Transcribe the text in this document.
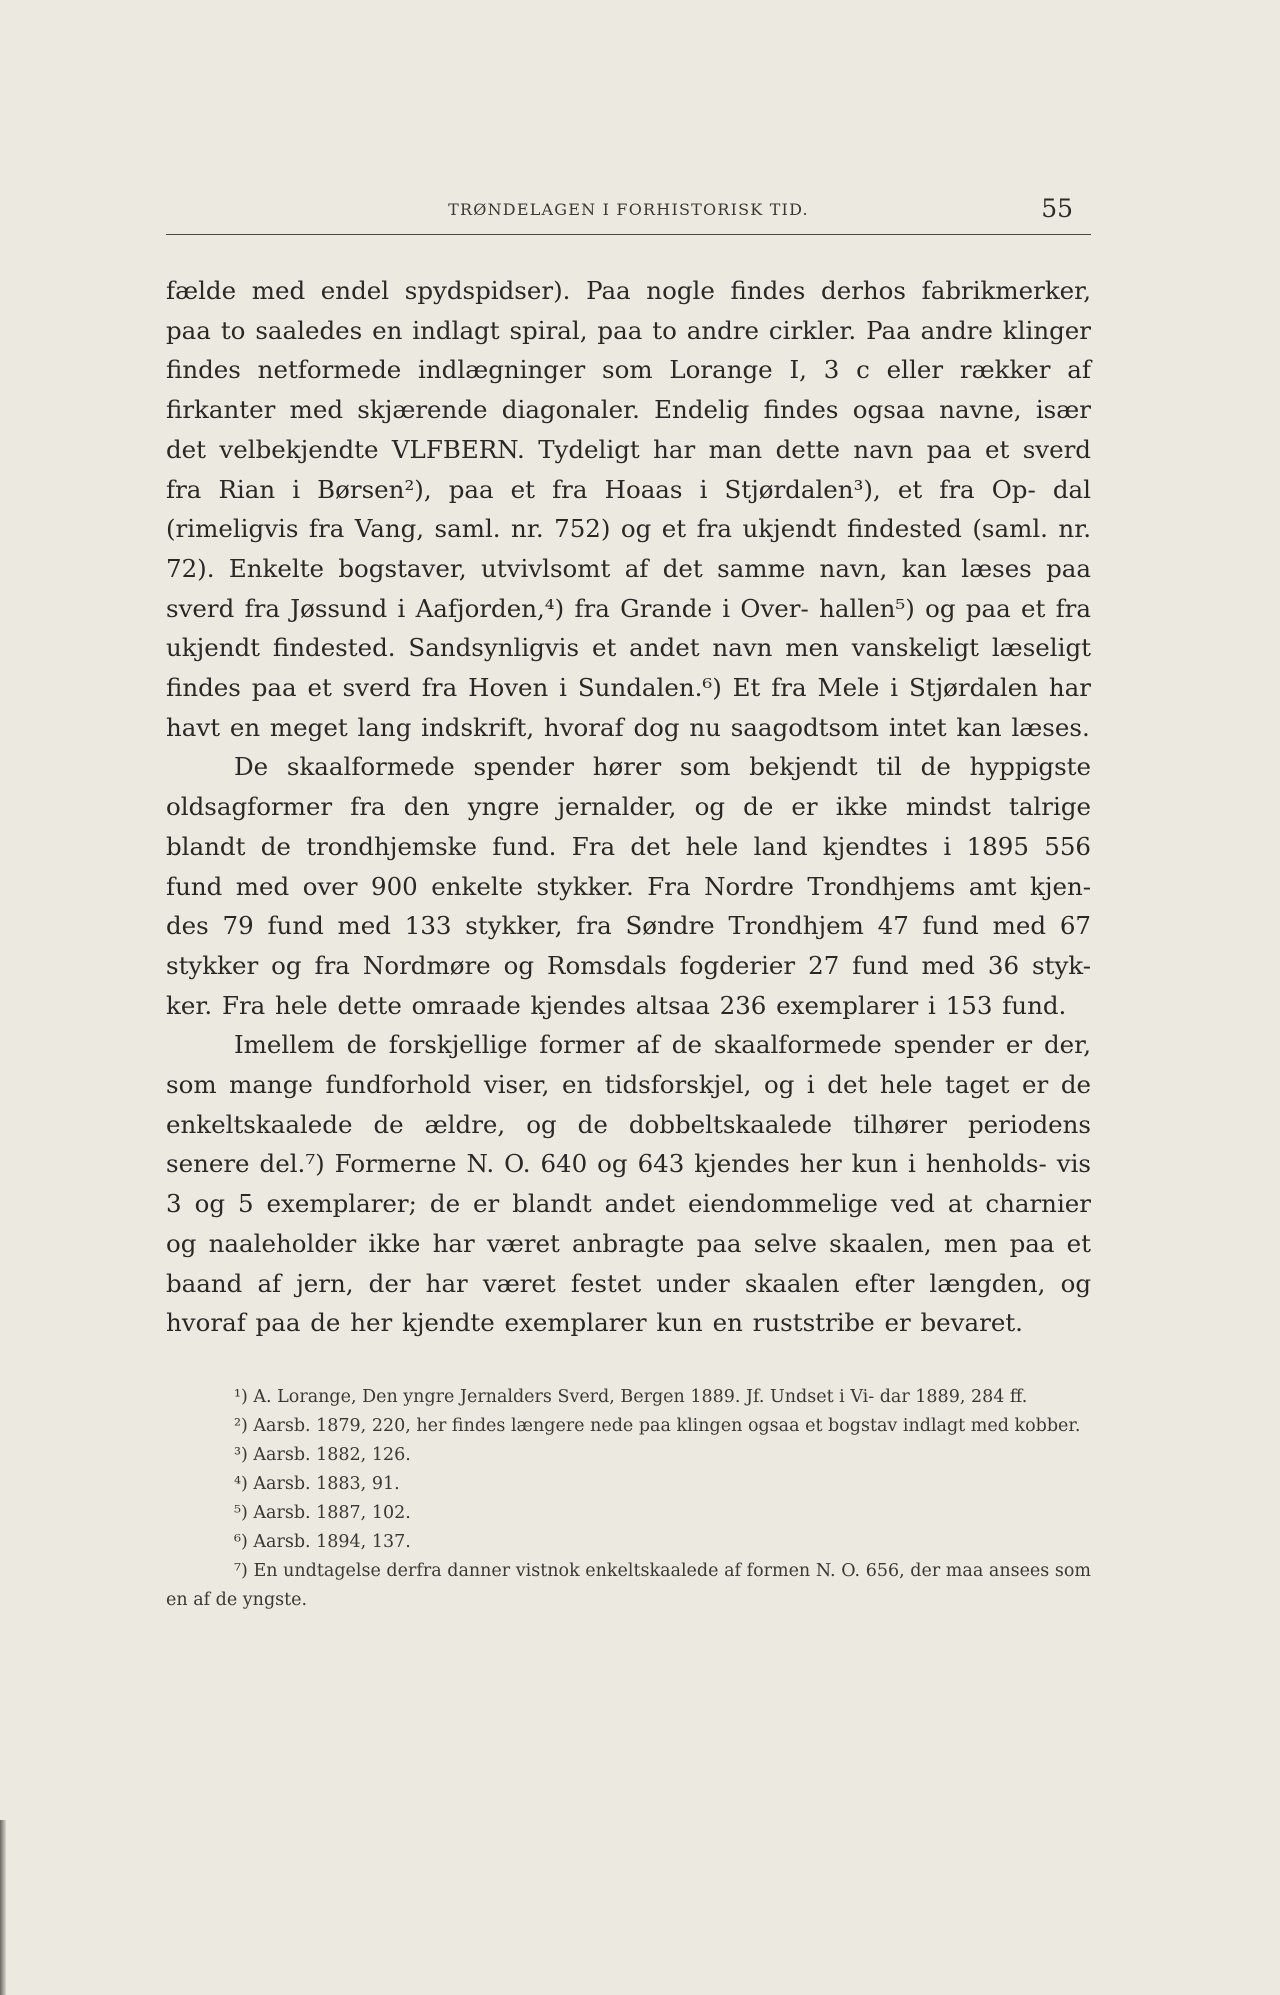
TRØNDELAGEN I FORHISTORISK TID.	55

fælde med endel spydspidser). Paa nogle findes derhos fabrikmerker, paa to saaledes en indlagt spiral, paa to andre cirkler. Paa andre klinger findes netformede indlægninger som Lorange I, 3 c eller rækker af firkanter med skjærende diagonaler. Endelig findes ogsaa navne, især det velbekjendte VLFBERN. Tydeligt har man dette navn paa et sverd fra Rian i Børsen²), paa et fra Hoaas i Stjørdalen³), et fra Op- dal (rimeligvis fra Vang, saml. nr. 752) og et fra ukjendt findested (saml. nr. 72). Enkelte bogstaver, utvivlsomt af det samme navn, kan læses paa sverd fra Jøssund i Aafjorden,⁴) fra Grande i Over- hallen⁵) og paa et fra ukjendt findested. Sandsynligvis et andet navn men vanskeligt læseligt findes paa et sverd fra Hoven i Sundalen.⁶) Et fra Mele i Stjørdalen har havt en meget lang indskrift, hvoraf dog nu saagodtsom intet kan læses.

De skaalformede spender hører som bekjendt til de hyppigste oldsagformer fra den yngre jernalder, og de er ikke mindst talrige blandt de trondhjemske fund. Fra det hele land kjendtes i 1895 556 fund med over 900 enkelte stykker. Fra Nordre Trondhjems amt kjen- des 79 fund med 133 stykker, fra Søndre Trondhjem 47 fund med 67 stykker og fra Nordmøre og Romsdals fogderier 27 fund med 36 styk- ker. Fra hele dette omraade kjendes altsaa 236 exemplarer i 153 fund.

Imellem de forskjellige former af de skaalformede spender er der, som mange fundforhold viser, en tidsforskjel, og i det hele taget er de enkeltskaalede de ældre, og de dobbeltskaalede tilhører periodens senere del.⁷) Formerne N. O. 640 og 643 kjendes her kun i henholds- vis 3 og 5 exemplarer; de er blandt andet eiendommelige ved at charnier og naaleholder ikke har været anbragte paa selve skaalen, men paa et baand af jern, der har været festet under skaalen efter længden, og hvoraf paa de her kjendte exemplarer kun en ruststribe er bevaret.

¹) A. Lorange, Den yngre Jernalders Sverd, Bergen 1889. Jf. Undset i Vi- dar 1889, 284 ff.
²) Aarsb. 1879, 220, her findes længere nede paa klingen ogsaa et bogstav indlagt med kobber.
³) Aarsb. 1882, 126.
⁴) Aarsb. 1883, 91.
⁵) Aarsb. 1887, 102.
⁶) Aarsb. 1894, 137.
⁷) En undtagelse derfra danner vistnok enkeltskaalede af formen N. O. 656, der maa ansees som en af de yngste.
